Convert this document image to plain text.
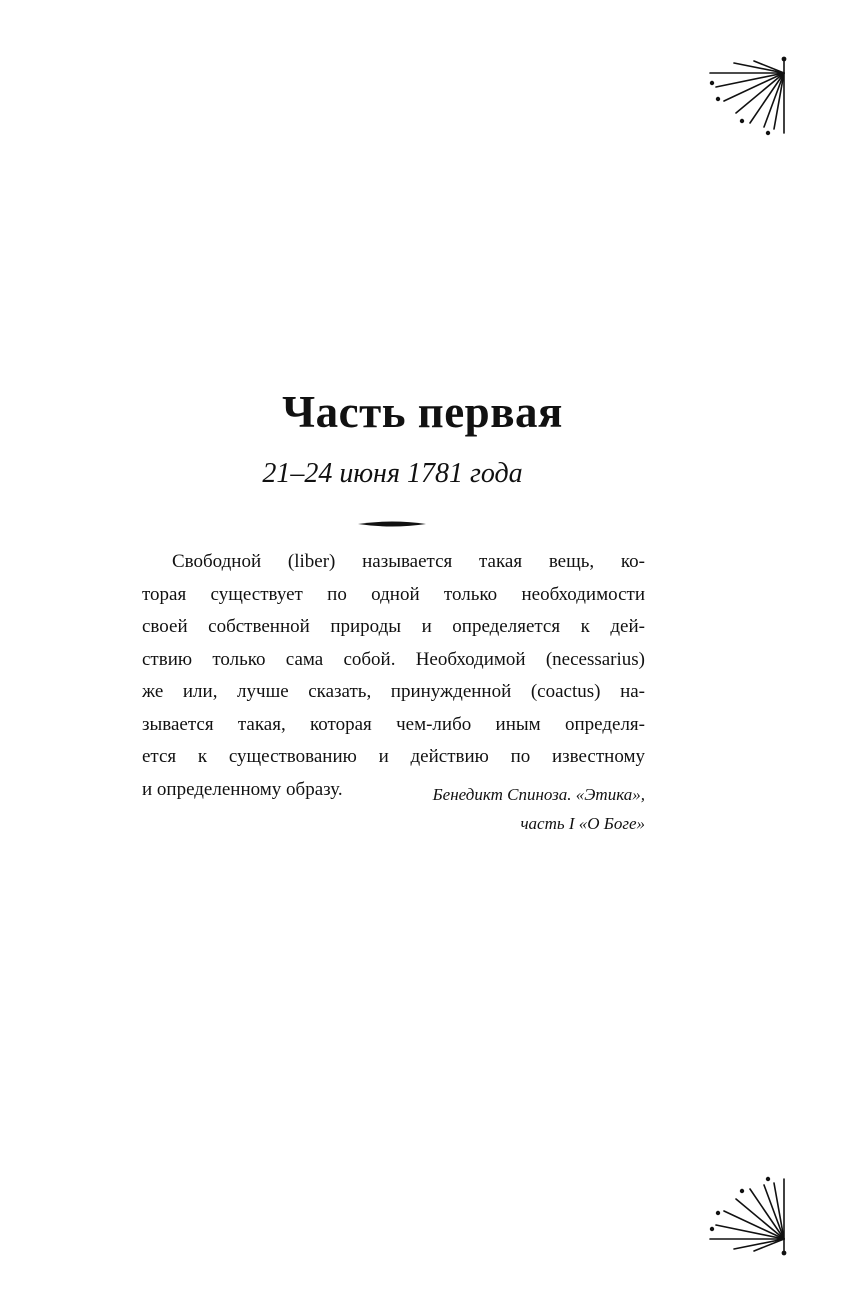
Часть первая
21–24 июня 1781 года
Свободной (liber) называется такая вещь, ко-
торая существует по одной только необходимости
своей собственной природы и определяется к дей-
ствию только сама собой. Необходимой (necessarius)
же или, лучше сказать, принужденной (coactus) на-
зывается такая, которая чем-либо иным определя-
ется к существованию и действию по известному
и определенному образу.	Бенедикт Спиноза. «Этика»,
часть I «О Боге»
